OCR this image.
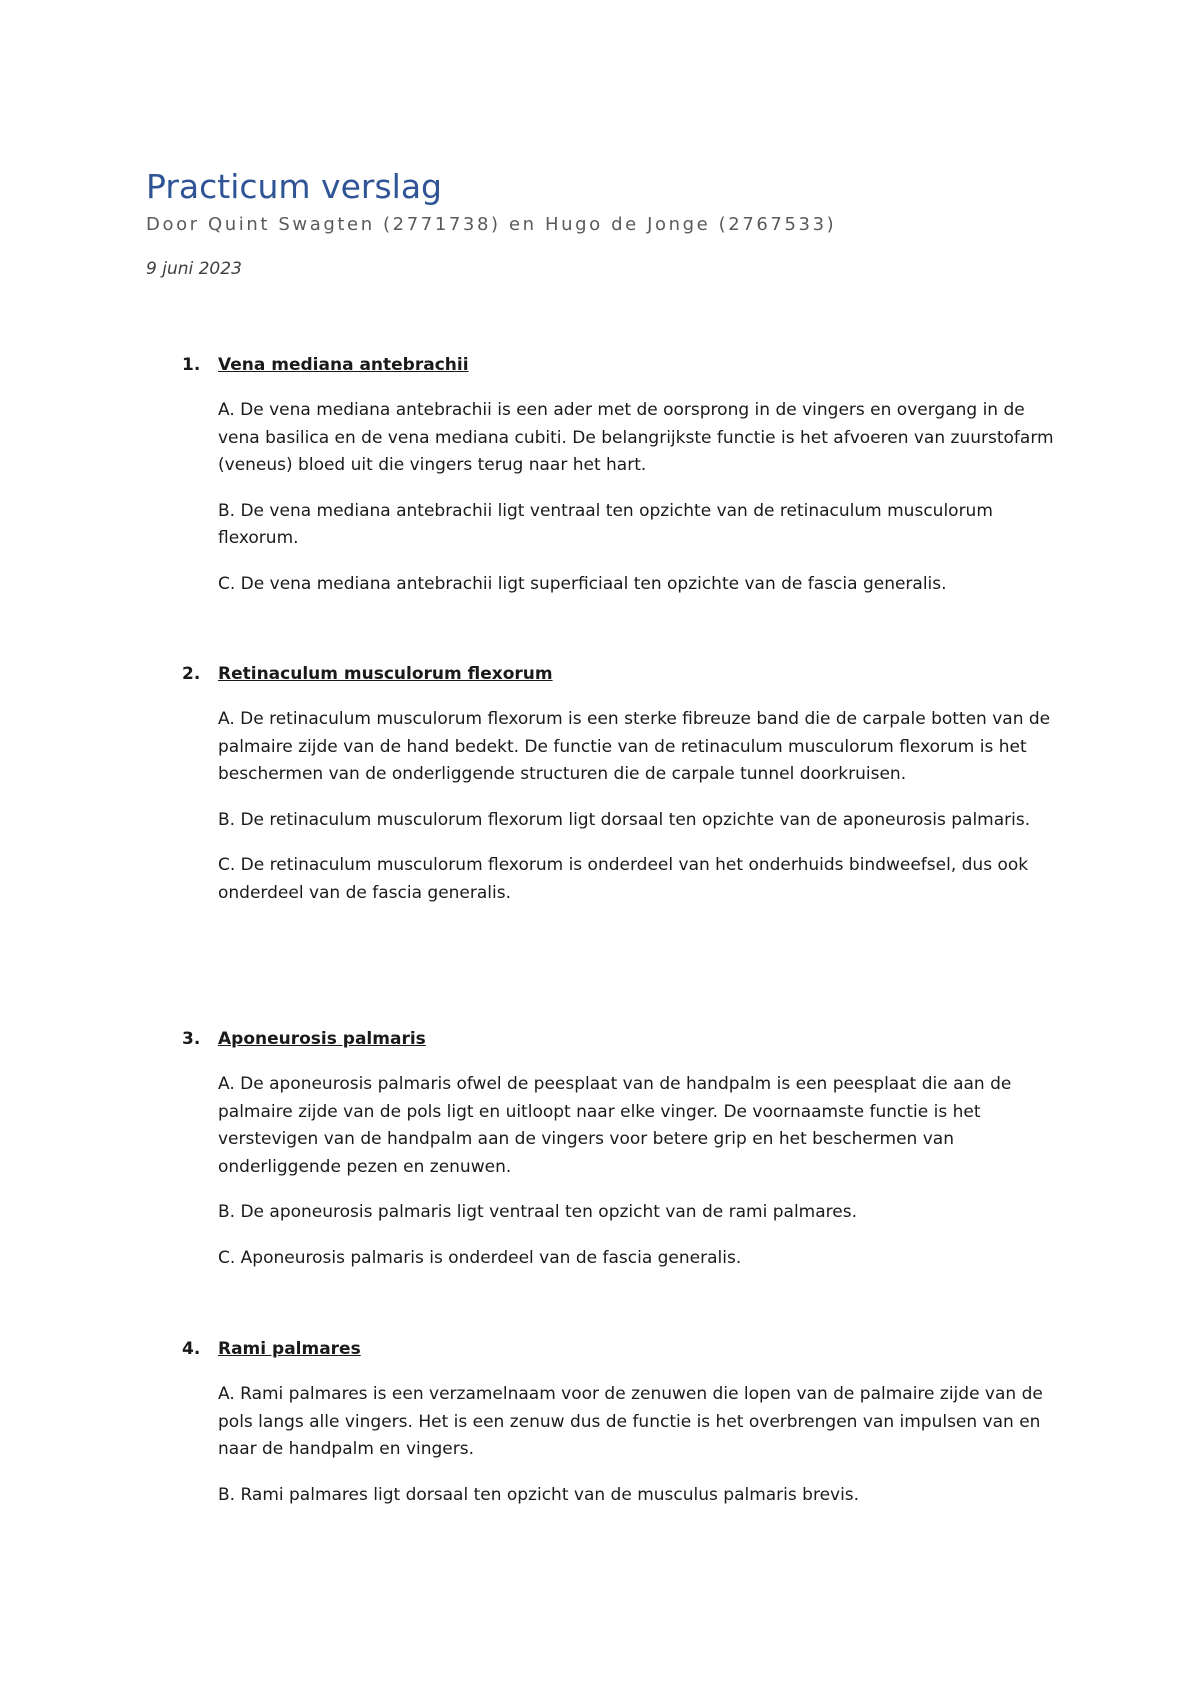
Practicum verslag

Door Quint Swagten (2771738) en Hugo de Jonge (2767533)

9 juni 2023

1. Vena mediana antebrachii

A. De vena mediana antebrachii is een ader met de oorsprong in de vingers en overgang in de vena basilica en de vena mediana cubiti. De belangrijkste functie is het afvoeren van zuurstofarm (veneus) bloed uit die vingers terug naar het hart.

B. De vena mediana antebrachii ligt ventraal ten opzichte van de retinaculum musculorum flexorum.

C. De vena mediana antebrachii ligt superficiaal ten opzichte van de fascia generalis.

2. Retinaculum musculorum flexorum

A. De retinaculum musculorum flexorum is een sterke fibreuze band die de carpale botten van de palmaire zijde van de hand bedekt. De functie van de retinaculum musculorum flexorum is het beschermen van de onderliggende structuren die de carpale tunnel doorkruisen.

B. De retinaculum musculorum flexorum ligt dorsaal ten opzichte van de aponeurosis palmaris.

C. De retinaculum musculorum flexorum is onderdeel van het onderhuids bindweefsel, dus ook onderdeel van de fascia generalis.

3. Aponeurosis palmaris

A. De aponeurosis palmaris ofwel de peesplaat van de handpalm is een peesplaat die aan de palmaire zijde van de pols ligt en uitloopt naar elke vinger. De voornaamste functie is het verstevigen van de handpalm aan de vingers voor betere grip en het beschermen van onderliggende pezen en zenuwen.

B. De aponeurosis palmaris ligt ventraal ten opzicht van de rami palmares.

C. Aponeurosis palmaris is onderdeel van de fascia generalis.

4. Rami palmares

A. Rami palmares is een verzamelnaam voor de zenuwen die lopen van de palmaire zijde van de pols langs alle vingers. Het is een zenuw dus de functie is het overbrengen van impulsen van en naar de handpalm en vingers.

B. Rami palmares ligt dorsaal ten opzicht van de musculus palmaris brevis.
